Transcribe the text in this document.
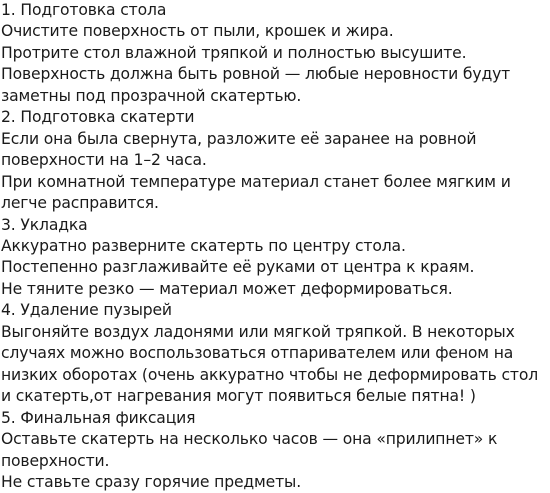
1. Подготовка стола

Очистите поверхность от пыли, крошек и жира.

Протрите стол влажной тряпкой и полностью высушите.

Поверхность должна быть ровной — любые неровности будут заметны под прозрачной скатертью.

2. Подготовка скатерти

Если она была свернута, разложите её заранее на ровной поверхности на 1–2 часа.

При комнатной температуре материал станет более мягким и легче расправится.

3. Укладка

Аккуратно разверните скатерть по центру стола.

Постепенно разглаживайте её руками от центра к краям.

Не тяните резко — материал может деформироваться.

4. Удаление пузырей

Выгоняйте воздух ладонями или мягкой тряпкой. В некоторых случаях можно воспользоваться отпаривателем или феном на низких оборотах (очень аккуратно чтобы не деформировать стол и скатерть,от нагревания могут появиться белые пятна! )

5. Финальная фиксация

Оставьте скатерть на несколько часов — она «прилипнет» к поверхности.

Не ставьте сразу горячие предметы.
